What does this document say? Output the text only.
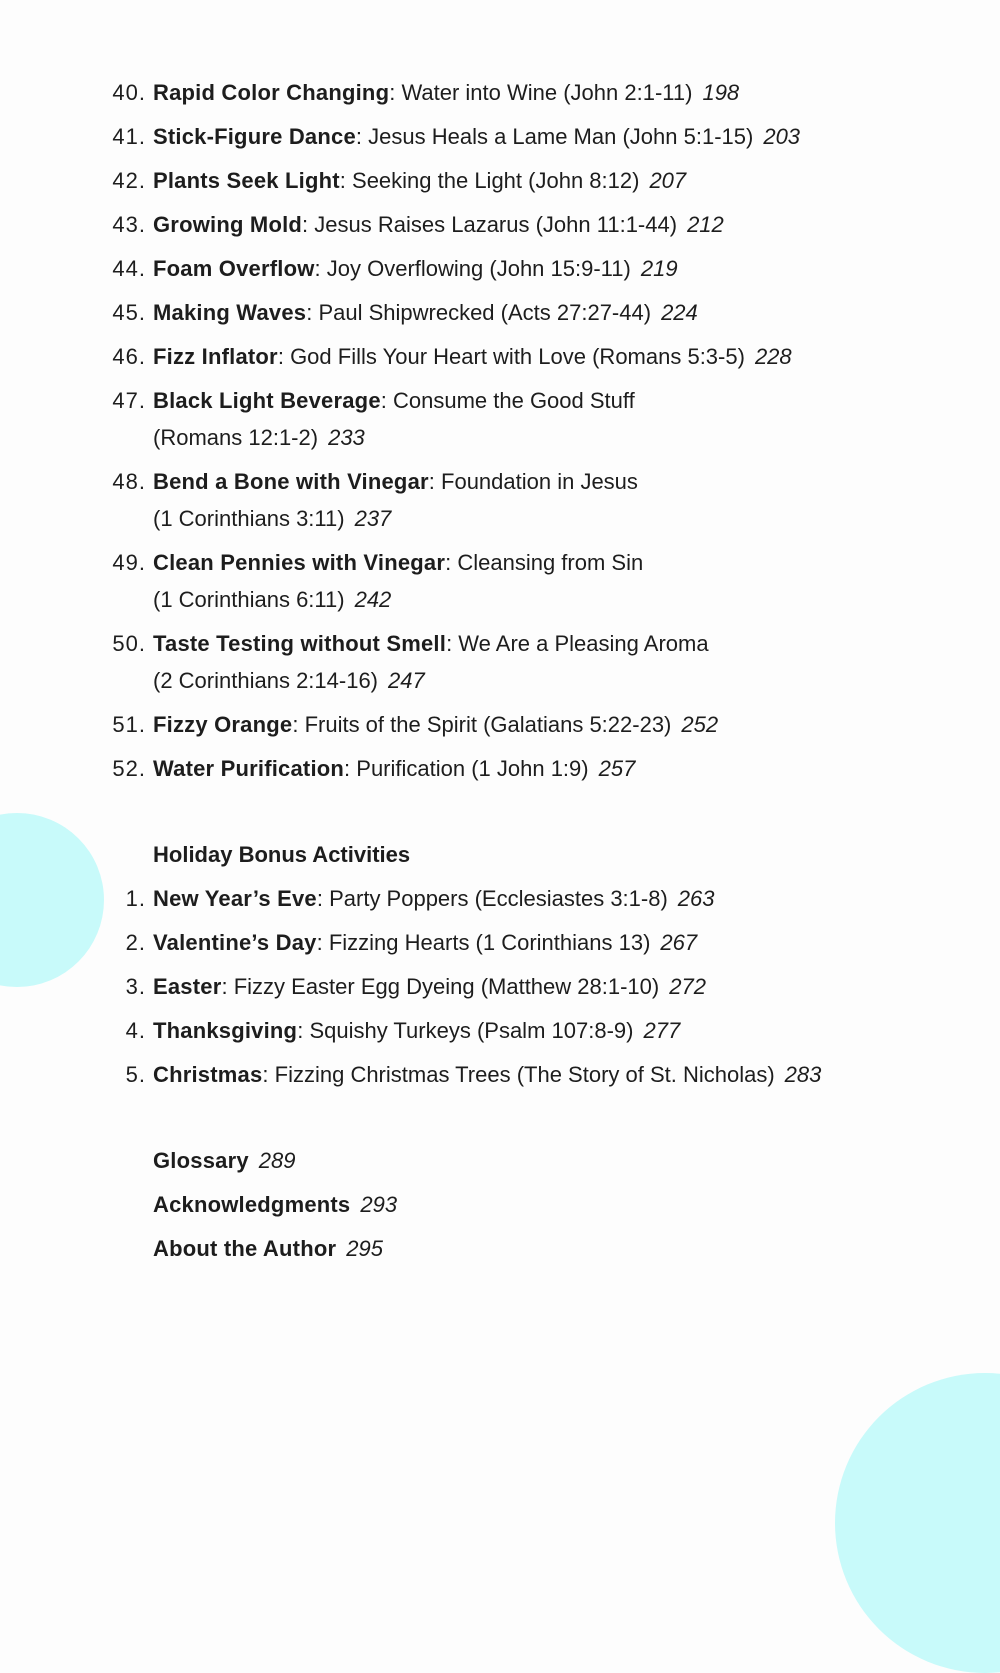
40. Rapid Color Changing: Water into Wine (John 2:1-11) 198
41. Stick-Figure Dance: Jesus Heals a Lame Man (John 5:1-15) 203
42. Plants Seek Light: Seeking the Light (John 8:12) 207
43. Growing Mold: Jesus Raises Lazarus (John 11:1-44) 212
44. Foam Overflow: Joy Overflowing (John 15:9-11) 219
45. Making Waves: Paul Shipwrecked (Acts 27:27-44) 224
46. Fizz Inflator: God Fills Your Heart with Love (Romans 5:3-5) 228
47. Black Light Beverage: Consume the Good Stuff
(Romans 12:1-2) 233
48. Bend a Bone with Vinegar: Foundation in Jesus
(1 Corinthians 3:11) 237
49. Clean Pennies with Vinegar: Cleansing from Sin
(1 Corinthians 6:11) 242
50. Taste Testing without Smell: We Are a Pleasing Aroma
(2 Corinthians 2:14-16) 247
51. Fizzy Orange: Fruits of the Spirit (Galatians 5:22-23) 252
52. Water Purification: Purification (1 John 1:9) 257
Holiday Bonus Activities
1. New Year’s Eve: Party Poppers (Ecclesiastes 3:1-8) 263
2. Valentine’s Day: Fizzing Hearts (1 Corinthians 13) 267
3. Easter: Fizzy Easter Egg Dyeing (Matthew 28:1-10) 272
4. Thanksgiving: Squishy Turkeys (Psalm 107:8-9) 277
5. Christmas: Fizzing Christmas Trees (The Story of St. Nicholas) 283
Glossary 289
Acknowledgments 293
About the Author 295
